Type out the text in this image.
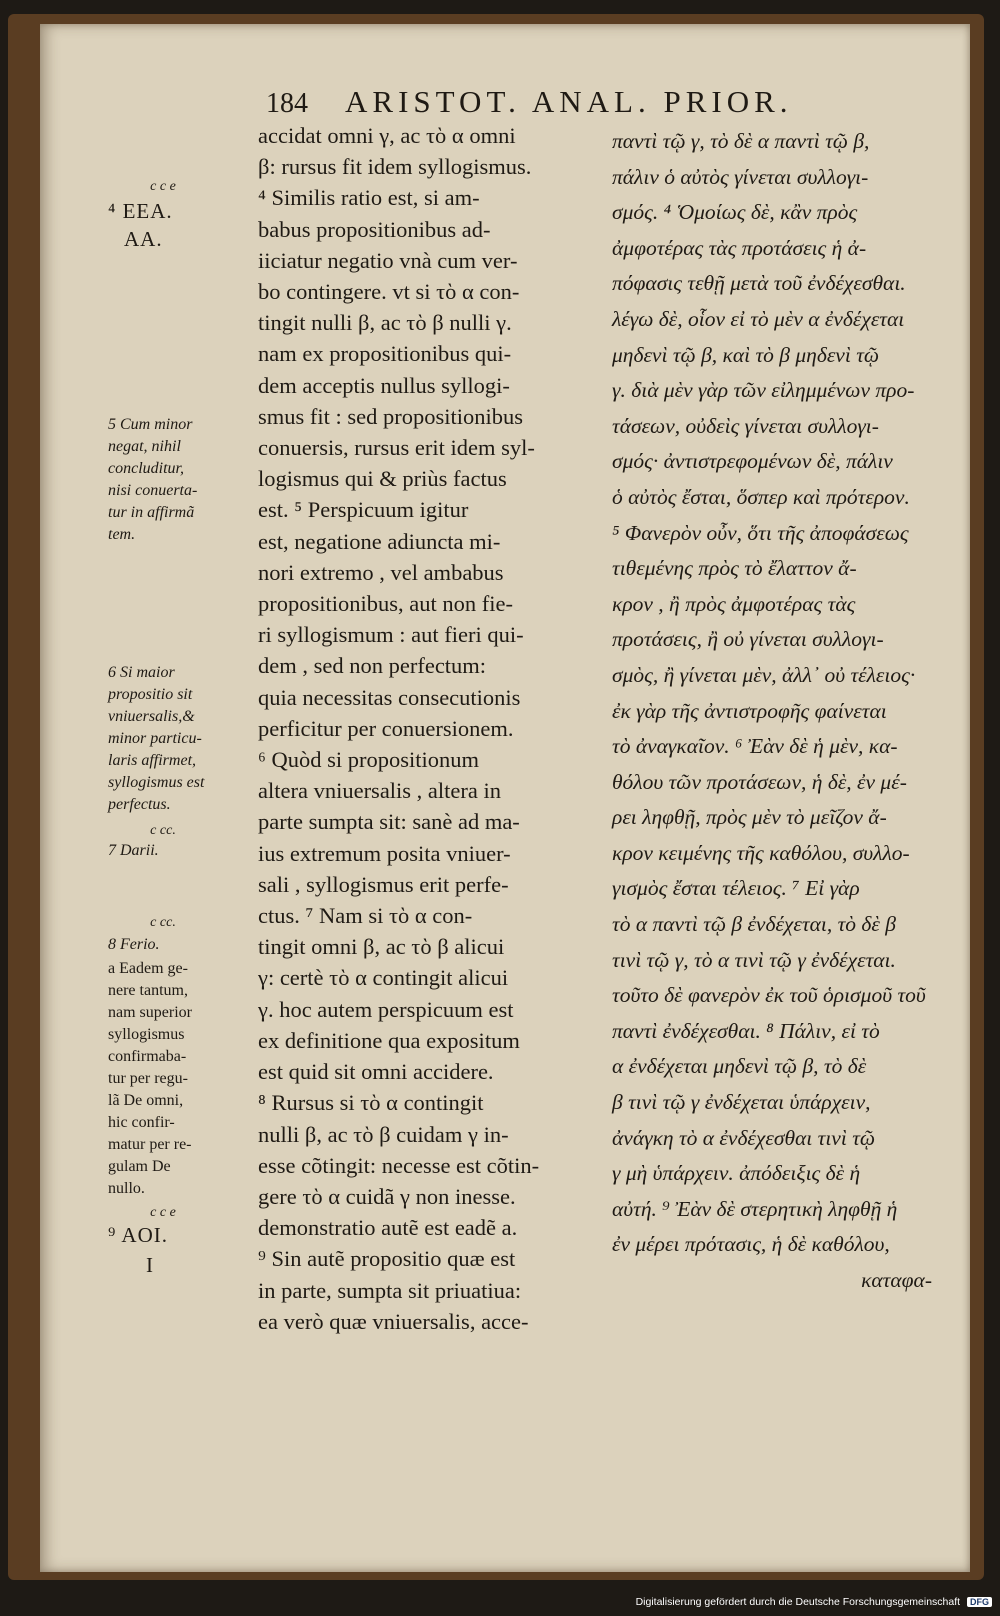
184 ARISTOT. ANAL. PRIOR.
c c e
⁴ EEA.
AA.
5 Cum minor
negat, nihil
concluditur,
nisi conuerta-
tur in affirmã
tem.
6 Si maior
propositio sit
vniuersalis,&
minor particu-
laris affirmet,
syllogismus est
perfectus.
c cc.
7 Darii.
c cc.
8 Ferio.
a Eadem ge-
nere tantum,
nam superior
syllogismus
confirmaba-
tur per regu-
lã De omni,
hic confir-
matur per re-
gulam De
nullo.
c c e
⁹ AOI.
I
accidat omni γ, ac τὸ α omni
β: rursus fit idem syllogismus.
⁴ Similis ratio est, si am-
babus propositionibus ad-
iiciatur negatio vnà cum ver-
bo contingere. vt si τὸ α con-
tingit nulli β, ac τὸ β nulli γ.
nam ex propositionibus qui-
dem acceptis nullus syllogi-
smus fit : sed propositionibus
conuersis, rursus erit idem syl-
logismus qui & priùs factus
est. ⁵ Perspicuum igitur
est, negatione adiuncta mi-
nori extremo , vel ambabus
propositionibus, aut non fie-
ri syllogismum : aut fieri qui-
dem , sed non perfectum:
quia necessitas consecutionis
perficitur per conuersionem.
⁶ Quòd si propositionum
altera vniuersalis , altera in
parte sumpta sit: sanè ad ma-
ius extremum posita vniuer-
sali , syllogismus erit perfe-
ctus. ⁷ Nam si τὸ α con-
tingit omni β, ac τὸ β alicui
γ: certè τὸ α contingit alicui
γ. hoc autem perspicuum est
ex definitione qua expositum
est quid sit omni accidere.
⁸ Rursus si τὸ α contingit
nulli β, ac τὸ β cuidam γ in-
esse cõtingit: necesse est cõtin-
gere τὸ α cuidã γ non inesse.
demonstratio autẽ est eadẽ a.
⁹ Sin autẽ propositio quæ est
in parte, sumpta sit priuatiua:
ea verò quæ vniuersalis, acce-
παντὶ τῷ γ, τὸ δὲ α παντὶ τῷ β,
πάλιν ὁ αὐτὸς γίνεται συλλογι-
σμός. ⁴ Ὁμοίως δὲ, κἂν πρὸς
ἀμφοτέρας τὰς προτάσεις ἡ ἀ-
πόφασις τεθῇ μετὰ τοῦ ἐνδέχεσθαι.
λέγω δὲ, οἷον εἰ τὸ μὲν α ἐνδέχεται
μηδενὶ τῷ β, καὶ τὸ β μηδενὶ τῷ
γ. διὰ μὲν γὰρ τῶν εἰλημμένων προ-
τάσεων, οὐδεὶς γίνεται συλλογι-
σμός· ἀντιστρεφομένων δὲ, πάλιν
ὁ αὐτὸς ἔσται, ὅσπερ καὶ πρότερον.
⁵ Φανερὸν οὖν, ὅτι τῆς ἀποφάσεως
τιθεμένης πρὸς τὸ ἔλαττον ἄ-
κρον , ἢ πρὸς ἀμφοτέρας τὰς
προτάσεις, ἢ οὐ γίνεται συλλογι-
σμὸς, ἢ γίνεται μὲν, ἀλλ᾽ οὐ τέλειος·
ἐκ γὰρ τῆς ἀντιστροφῆς φαίνεται
τὸ ἀναγκαῖον. ⁶ Ἐὰν δὲ ἡ μὲν, κα-
θόλου τῶν προτάσεων, ἡ δὲ, ἐν μέ-
ρει ληφθῇ, πρὸς μὲν τὸ μεῖζον ἄ-
κρον κειμένης τῆς καθόλου, συλλο-
γισμὸς ἔσται τέλειος. ⁷ Εἰ γὰρ
τὸ α παντὶ τῷ β ἐνδέχεται, τὸ δὲ β
τινὶ τῷ γ, τὸ α τινὶ τῷ γ ἐνδέχεται.
τοῦτο δὲ φανερὸν ἐκ τοῦ ὁρισμοῦ τοῦ
παντὶ ἐνδέχεσθαι. ⁸ Πάλιν, εἰ τὸ
α ἐνδέχεται μηδενὶ τῷ β, τὸ δὲ
β τινὶ τῷ γ ἐνδέχεται ὑπάρχειν,
ἀνάγκη τὸ α ἐνδέχεσθαι τινὶ τῷ
γ μὴ ὑπάρχειν. ἀπόδειξις δὲ ἡ
αὐτή. ⁹ Ἐὰν δὲ στερητικὴ ληφθῇ ἡ
ἐν μέρει πρότασις, ἡ δὲ καθόλου,
καταφα-
Digitalisierung gefördert durch die Deutsche Forschungsgemeinschaft DFG
